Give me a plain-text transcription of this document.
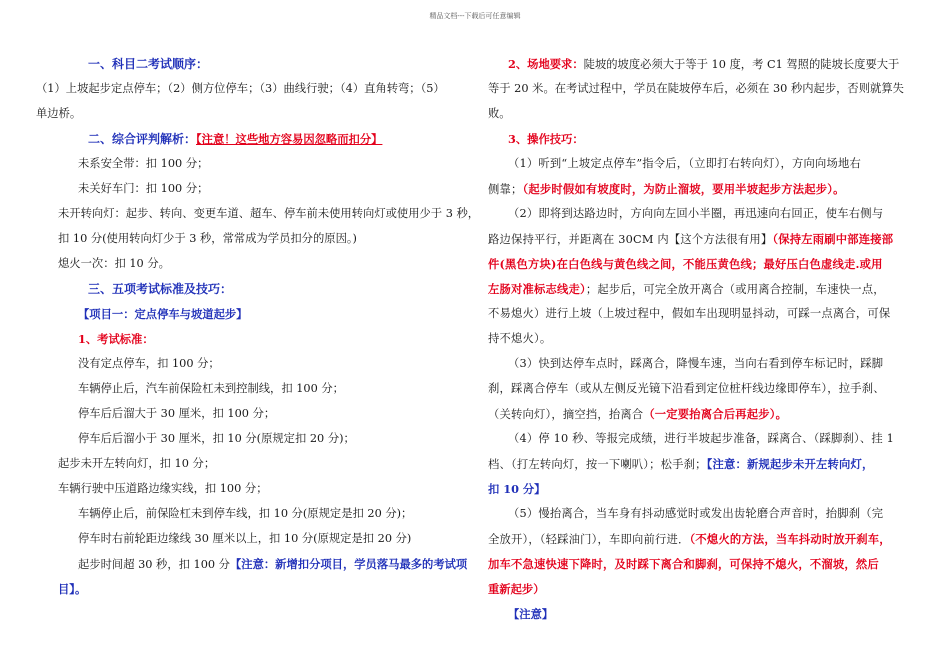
精品文档---下载后可任意编辑
一、科目二考试顺序：
（1）上坡起步定点停车；（2）侧方位停车；（3）曲线行驶；（4）直角转弯；（5）
单边桥。
二、综合评判解析：【注意！这些地方容易因忽略而扣分】
未系安全带：扣 100 分；
未关好车门：扣 100 分；
未开转向灯：起步、转向、变更车道、超车、停车前未使用转向灯或使用少于 3 秒，
扣 10 分(使用转向灯少于 3 秒，常常成为学员扣分的原因。)
熄火一次：扣 10 分。
三、五项考试标准及技巧：
【项目一：定点停车与坡道起步】
1、考试标准：
没有定点停车，扣 100 分；
车辆停止后，汽车前保险杠未到控制线，扣 100 分；
停车后后溜大于 30 厘米，扣 100 分；
停车后后溜小于 30 厘米，扣 10 分(原规定扣 20 分)；
起步未开左转向灯，扣 10 分；
车辆行驶中压道路边缘实线，扣 100 分；
车辆停止后，前保险杠未到停车线，扣 10 分(原规定是扣 20 分)；
停车时右前轮距边缘线 30 厘米以上，扣 10 分(原规定是扣 20 分)
起步时间超 30 秒，扣 100 分【注意：新增扣分项目，学员落马最多的考试项
目】。
2、场地要求：陡坡的坡度必须大于等于 10 度，考 C1 驾照的陡坡长度要大于
等于 20 米。在考试过程中，学员在陡坡停车后，必须在 30 秒内起步，否则就算失
败。
3、操作技巧：
（1）听到“上坡定点停车”指令后，（立即打右转向灯），方向向场地右
侧靠；（起步时假如有坡度时，为防止溜坡，要用半坡起步方法起步）。
（2）即将到达路边时，方向向左回小半圈，再迅速向右回正，使车右侧与
路边保持平行，并距离在 30CM 内【这个方法很有用】（保持左雨刷中部连接部
件(黑色方块)在白色线与黄色线之间，不能压黄色线；最好压白色虚线走.或用
左肠对准标志线走）；起步后，可完全放开离合（或用离合控制，车速快一点，
不易熄火）进行上坡（上坡过程中，假如车出现明显抖动，可踩一点离合，可保
持不熄火）。
（3）快到达停车点时，踩离合，降慢车速，当向右看到停车标记时，踩脚
刹，踩离合停车（或从左侧反光镜下沿看到定位桩杆线边缘即停车），拉手刹、
（关转向灯），摘空挡，抬离合（一定要抬离合后再起步）。
（4）停 10 秒、等报完成绩，进行半坡起步准备，踩离合、（踩脚刹）、挂 1
档、（打左转向灯，按一下喇叭）；松手刹；【注意：新规起步未开左转向灯，
扣 10 分】
（5）慢抬离合，当车身有抖动感觉时或发出齿轮磨合声音时，抬脚刹（完
全放开），（轻踩油门），车即向前行进．（不熄火的方法，当车抖动时放开刹车，
加车不急速快速下降时，及时踩下离合和脚刹，可保持不熄火，不溜坡，然后
重新起步）
【注意】
